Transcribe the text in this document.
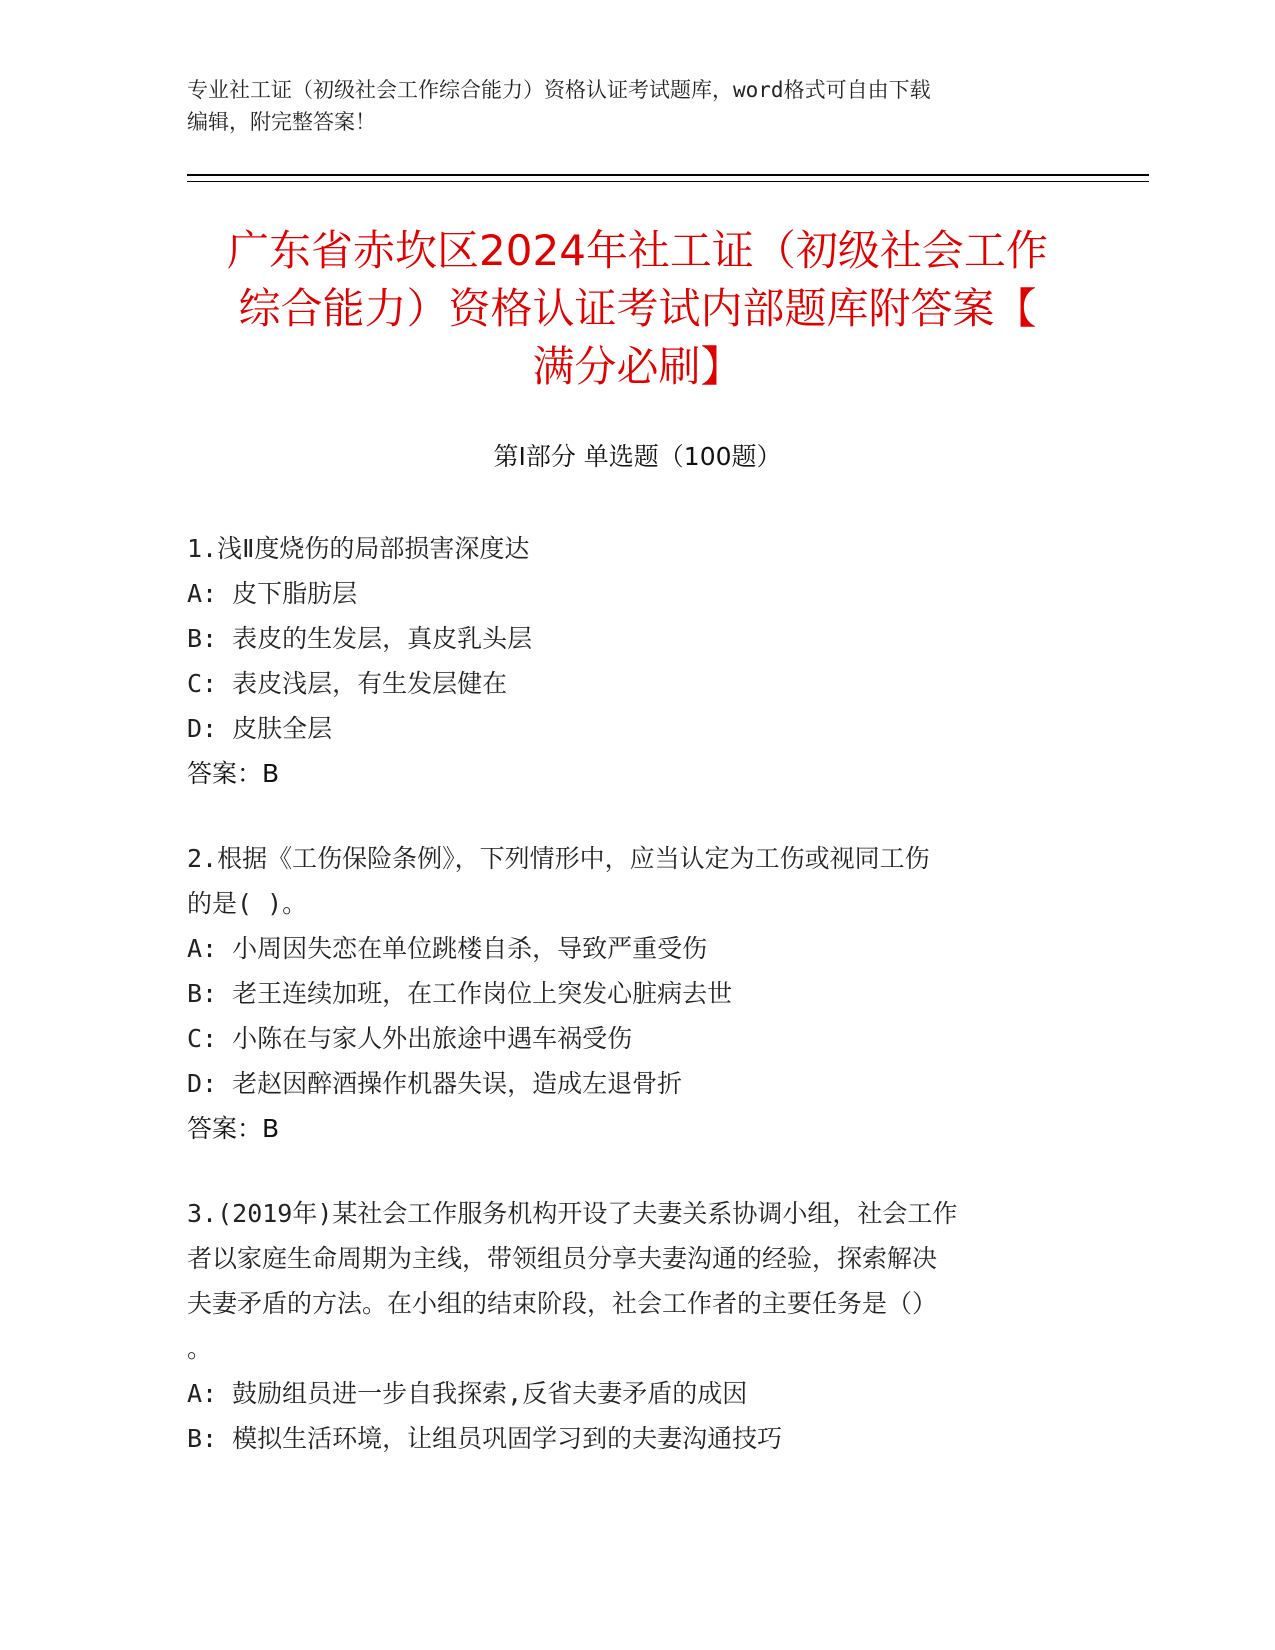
专业社工证（初级社会工作综合能力）资格认证考试题库，word格式可自由下载
编辑，附完整答案！
广东省赤坎区2024年社工证（初级社会工作
综合能力）资格认证考试内部题库附答案【
满分必刷】
第Ⅰ部分 单选题（100题）

1.浅Ⅱ度烧伤的局部损害深度达

A: 皮下脂肪层

B: 表皮的生发层，真皮乳头层

C: 表皮浅层，有生发层健在

D: 皮肤全层

答案：B

2.根据《工伤保险条例》，下列情形中，应当认定为工伤或视同工伤

的是( )。

A: 小周因失恋在单位跳楼自杀，导致严重受伤

B: 老王连续加班，在工作岗位上突发心脏病去世

C: 小陈在与家人外出旅途中遇车祸受伤

D: 老赵因醉酒操作机器失误，造成左退骨折

答案：B

3.(2019年)某社会工作服务机构开设了夫妻关系协调小组，社会工作

者以家庭生命周期为主线，带领组员分享夫妻沟通的经验，探索解决

夫妻矛盾的方法。在小组的结束阶段，社会工作者的主要任务是（）

。

A: 鼓励组员进一步自我探索,反省夫妻矛盾的成因

B: 模拟生活环境，让组员巩固学习到的夫妻沟通技巧
